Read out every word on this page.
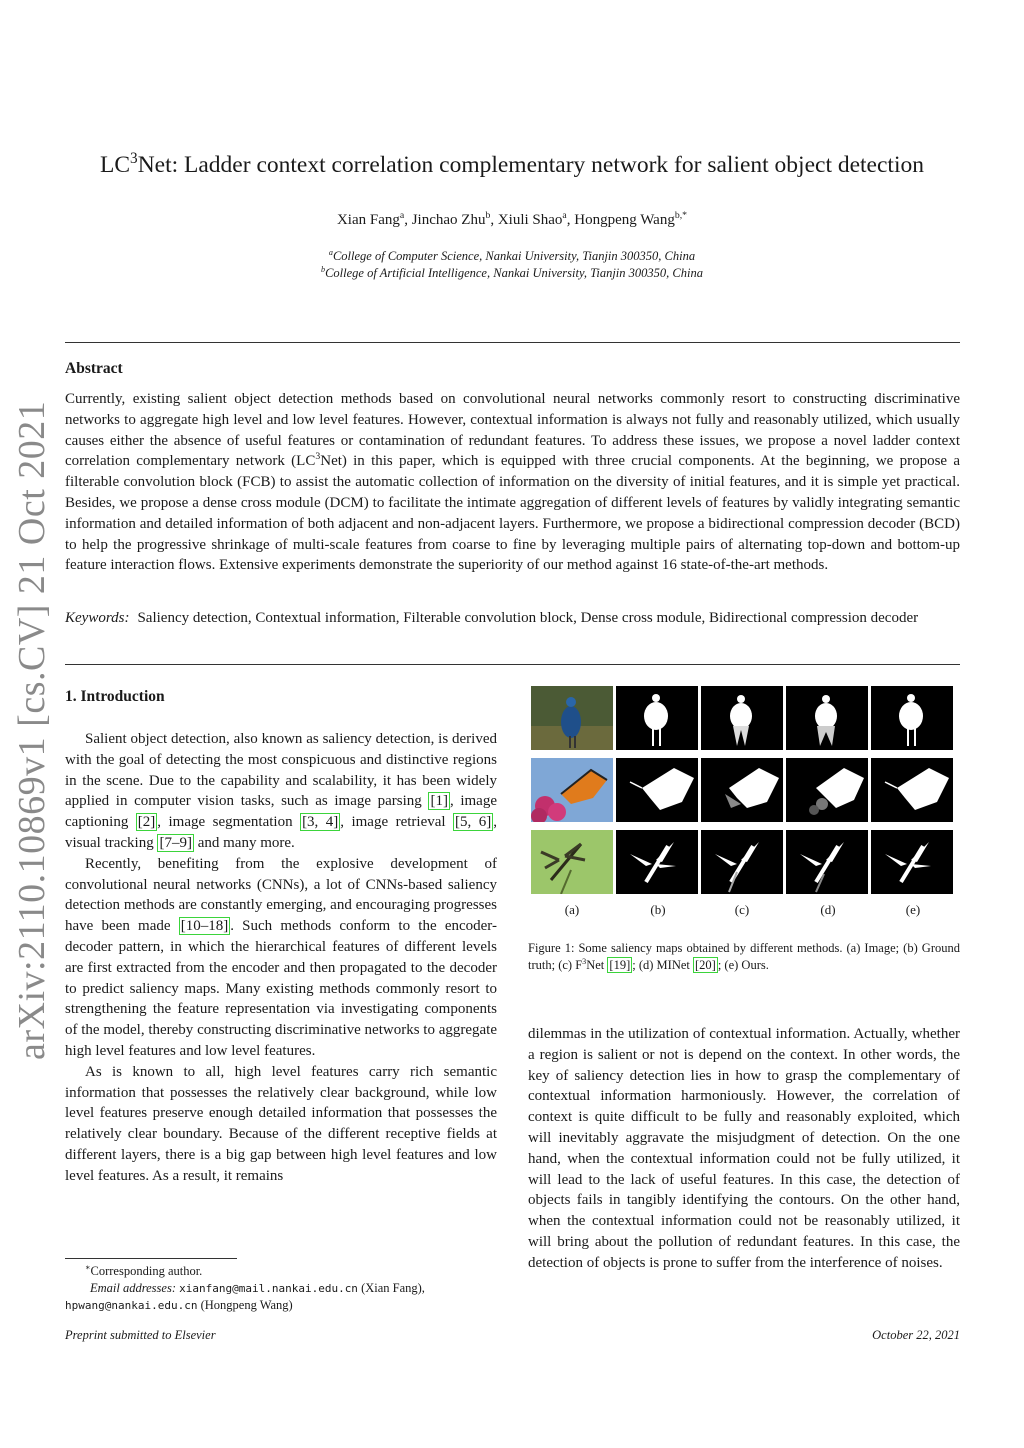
arXiv:2110.10869v1 [cs.CV] 21 Oct 2021
$LC^3Net$: Ladder context correlation complementary network for salient object detection
Xian Fang$^a$, Jinchao Zhu$^b$, Xiuli Shao$^a$, Hongpeng Wang$^{b,*}$
$^a$College of Computer Science, Nankai University, Tianjin 300350, China
$^b$College of Artificial Intelligence, Nankai University, Tianjin 300350, China
Abstract
Currently, existing salient object detection methods based on convolutional neural networks commonly resort to constructing discriminative networks to aggregate high level and low level features. However, contextual information is always not fully and reasonably utilized, which usually causes either the absence of useful features or contamination of redundant features. To address these issues, we propose a novel ladder context correlation complementary network $(LC^3Net)$ in this paper, which is equipped with three crucial components. At the beginning, we propose a filterable convolution block (FCB) to assist the automatic collection of information on the diversity of initial features, and it is simple yet practical. Besides, we propose a dense cross module (DCM) to facilitate the intimate aggregation of different levels of features by validly integrating semantic information and detailed information of both adjacent and non-adjacent layers. Furthermore, we propose a bidirectional compression decoder (BCD) to help the progressive shrinkage of multi-scale features from coarse to fine by leveraging multiple pairs of alternating top-down and bottom-up feature interaction flows. Extensive experiments demonstrate the superiority of our method against 16 state-of-the-art methods.
Keywords: Saliency detection, Contextual information, Filterable convolution block, Dense cross module, Bidirectional compression decoder
1. Introduction

Salient object detection, also known as saliency detection, is derived with the goal of detecting the most conspicuous and distinctive regions in the scene. Due to the capability and scalability, it has been widely applied in computer vision tasks, such as image parsing [1] , image captioning [2] , image segmentation [3, 4] , image retrieval [5, 6] , visual tracking [7–9] and many more.

Recently, benefiting from the explosive development of convolutional neural networks (CNNs), a lot of CNNs-based saliency detection methods are constantly emerging, and encouraging progresses have been made [10–18] . Such methods conform to the encoder-decoder pattern, in which the hierarchical features of different levels are first extracted from the encoder and then propagated to the decoder to predict saliency maps. Many existing methods commonly resort to strengthening the feature representation via investigating components of the model, thereby constructing discriminative networks to aggregate high level features and low level features.

As is known to all, high level features carry rich semantic information that possesses the relatively clear background, while low level features preserve enough detailed information that possesses the relatively clear boundary. Because of the different receptive fields at different layers, there is a big gap between high level features and low level features. As a result, it remains

dilemmas in the utilization of contextual information. Actually, whether a region is salient or not is depend on the context. In other words, the key of saliency detection lies in how to grasp the complementary of contextual information harmoniously. However, the correlation of context is quite difficult to be fully and reasonably exploited, which will inevitably aggravate the misjudgment of detection. On the one hand, when the contextual information could not be fully utilized, it will lead to the lack of useful features. In this case, the detection of objects fails in tangibly identifying the contours. On the other hand, when the contextual information could not be reasonably utilized, it will bring about the pollution of redundant features. In this case, the detection of objects is prone to suffer from the interference of noises.

(a)	(b)	(c)	(d)	(e)
Figure 1: Some saliency maps obtained by different methods. (a) Image; (b) Ground truth; (c) $F^3Net$ [19] ; (d) MINet [20] ; (e) Ours.
∗Corresponding author.
Email addresses: xianfang@mail.nankai.edu.cn (Xian Fang),
hpwang@nankai.edu.cn (Hongpeng Wang)
Preprint submitted to Elsevier	October 22, 2021
